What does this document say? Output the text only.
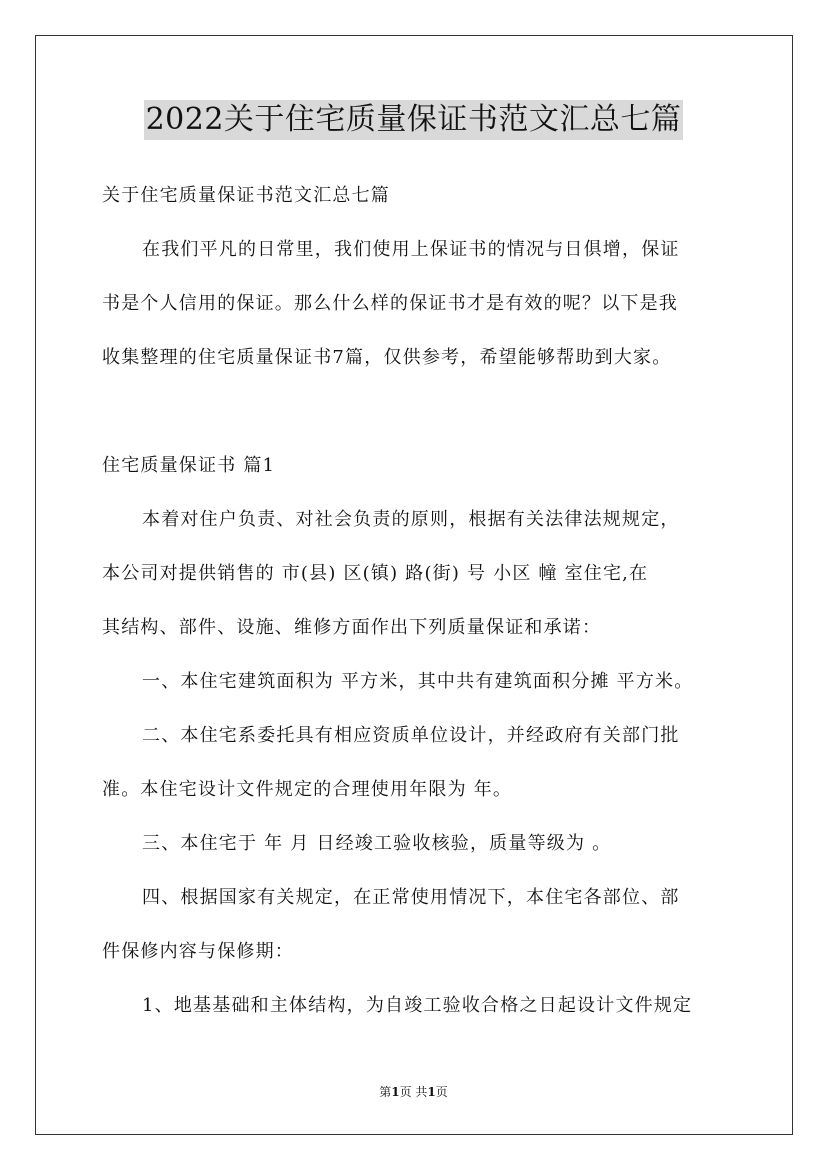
2022关于住宅质量保证书范文汇总七篇
关于住宅质量保证书范文汇总七篇
在我们平凡的日常里，我们使用上保证书的情况与日俱增，保证
书是个人信用的保证。那么什么样的保证书才是有效的呢？以下是我
收集整理的住宅质量保证书7篇，仅供参考，希望能够帮助到大家。
住宅质量保证书 篇1
本着对住户负责、对社会负责的原则，根据有关法律法规规定，
本公司对提供销售的 市(县) 区(镇) 路(街) 号 小区 幢 室住宅,在
其结构、部件、设施、维修方面作出下列质量保证和承诺：
一、本住宅建筑面积为 平方米，其中共有建筑面积分摊 平方米。
二、本住宅系委托具有相应资质单位设计，并经政府有关部门批
准。本住宅设计文件规定的合理使用年限为 年。
三、本住宅于 年 月 日经竣工验收核验，质量等级为 。
四、根据国家有关规定，在正常使用情况下，本住宅各部位、部
件保修内容与保修期：
1、地基基础和主体结构，为自竣工验收合格之日起设计文件规定
第1页 共1页
